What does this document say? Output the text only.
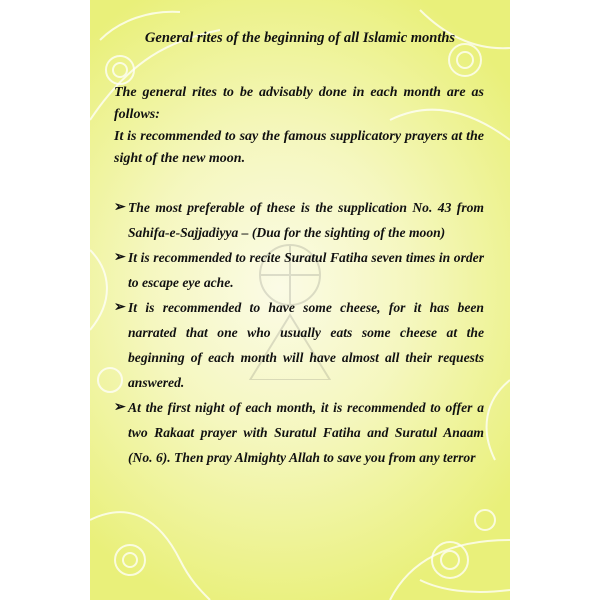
General rites of the beginning of all Islamic months

The general rites to be advisably done in each month are as follows:

It is recommended to say the famous supplicatory prayers at the sight of the new moon.

➢ The most preferable of these is the supplication No. 43 from Sahifa-e-Sajjadiyya – (Dua for the sighting of the moon)
➢ It is recommended to recite Suratul Fatiha seven times in order to escape eye ache.
➢ It is recommended to have some cheese, for it has been narrated that one who usually eats some cheese at the beginning of each month will have almost all their requests answered.
➢ At the first night of each month, it is recommended to offer a two Rakaat prayer with Suratul Fatiha and Suratul Anaam (No. 6). Then pray Almighty Allah to save you from any terror
